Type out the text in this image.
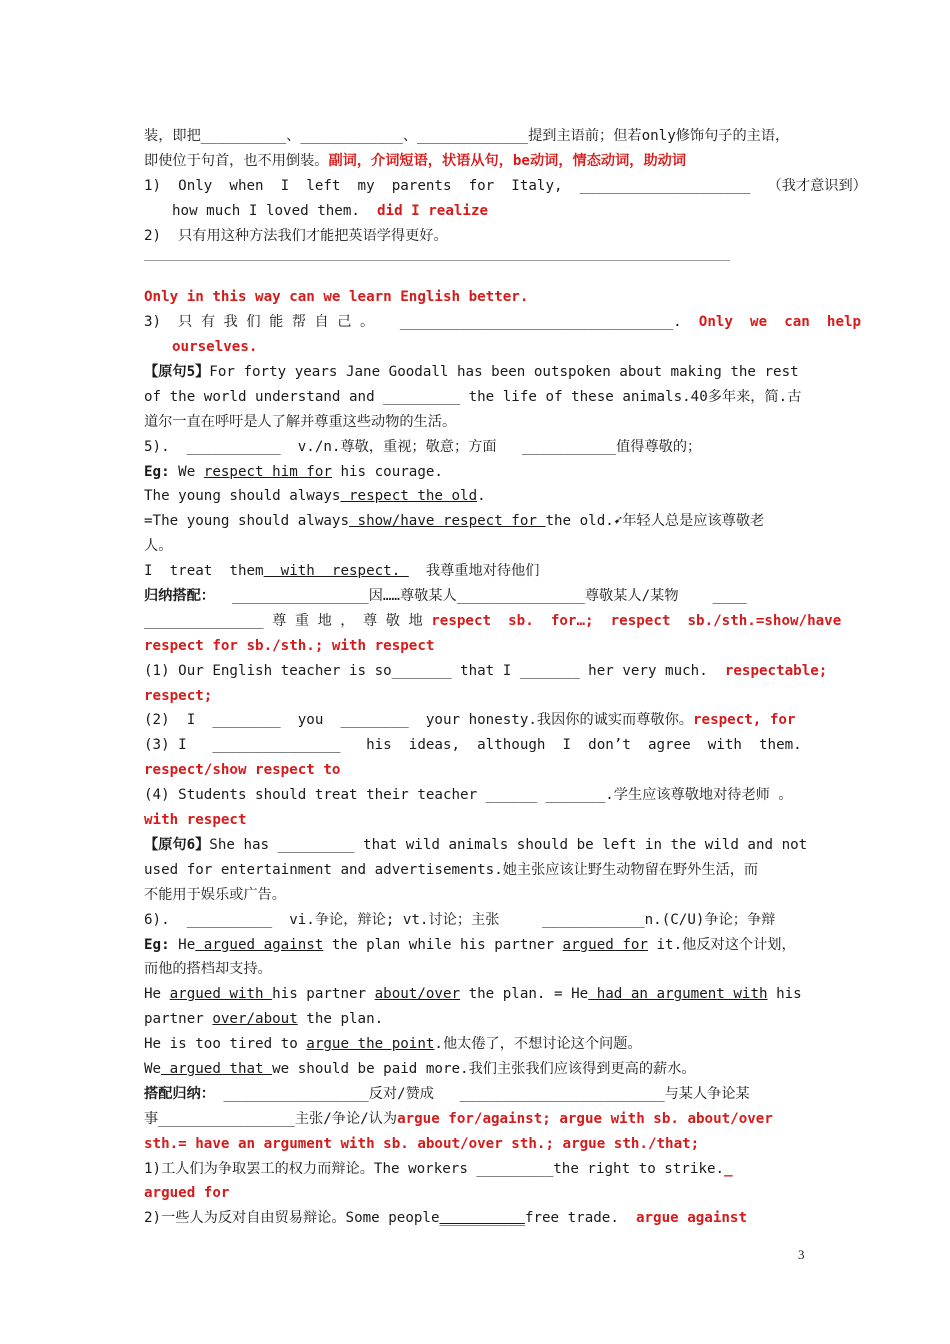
装，即把__________、____________、_____________提到主语前；但若only修饰句子的主语，
即使位于句首，也不用倒装。副词，介词短语，状语从句，be动词，情态动词，助动词
1)  Only  when  I  left  my  parents  for  Italy,  ____________________  （我才意识到）
how much I loved them.  did I realize
2)  只有用这种方法我们才能把英语学得更好。
Only in this way can we learn English better.
3)  只 有 我 们 能 帮 自 己 。   ________________________________.  Only  we  can  help
ourselves.
【原句5】For forty years Jane Goodall has been outspoken about making the rest
of the world understand and _________ the life of these animals.40多年来，简.古
道尔一直在呼吁是人了解并尊重这些动物的生活。
5).  ___________  v./n.尊敬，重视；敬意；方面   ___________值得尊敬的；
Eg: We respect him for his courage.
The young should always respect the old.
=The young should always show/have respect for the old.➹年轻人总是应该尊敬老
人。
I  treat  them  with  respect.   我尊重地对待他们
归纳搭配：  ________________因……尊敬某人_______________尊敬某人/某物    ____
______________ 尊 重 地 ， 尊 敬 地 respect  sb.  for…;  respect  sb./sth.=show/have
respect for sb./sth.; with respect
(1) Our English teacher is so_______ that I _______ her very much.  respectable;
respect;
(2)  I  ________  you  ________  your honesty.我因你的诚实而尊敬你。respect, for
(3) I   _______________   his  ideas,  although  I  don’t  agree  with  them.
respect/show respect to
(4) Students should treat their teacher ______ _______.学生应该尊敬地对待老师 。
with respect
【原句6】She has _________ that wild animals should be left in the wild and not
used for entertainment and advertisements.她主张应该让野生动物留在野外生活，而
不能用于娱乐或广告。
6).  __________  vi.争论，辩论; vt.讨论；主张     ____________n.(C/U)争论；争辩
Eg: He argued against the plan while his partner argued for it.他反对这个计划，
而他的搭档却支持。
He argued with his partner about/over the plan. = He had an argument with his
partner over/about the plan.
He is too tired to argue the point.他太倦了，不想讨论这个问题。
We argued that we should be paid more.我们主张我们应该得到更高的薪水。
搭配归纳： _________________反对/赞成   ________________________与某人争论某
事________________主张/争论/认为argue for/against; argue with sb. about/over
sth.= have an argument with sb. about/over sth.; argue sth./that;
1)工人们为争取罢工的权力而辩论。The workers _________the right to strike._
argued for
2)一些人为反对自由贸易辩论。Some people__________free trade.  argue against
3
